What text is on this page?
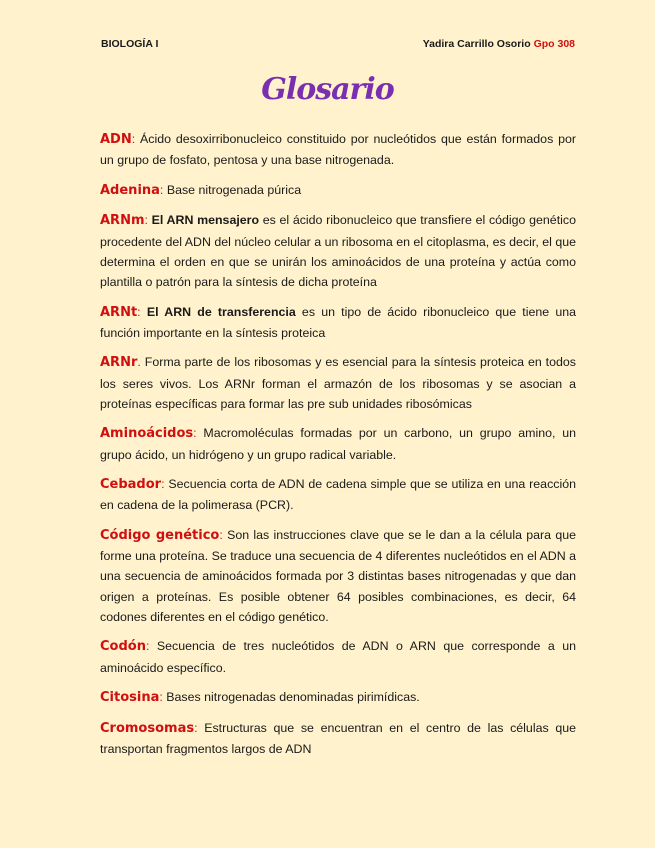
BIOLOGÍA I	Yadira Carrillo Osorio Gpo 308
Glosario

ADN: Ácido desoxirribonucleico constituido por nucleótidos que están formados por un grupo de fosfato, pentosa y una base nitrogenada.

Adenina: Base nitrogenada púrica

ARNm: El ARN mensajero es el ácido ribonucleico que transfiere el código genético procedente del ADN del núcleo celular a un ribosoma en el citoplasma, es decir, el que determina el orden en que se unirán los aminoácidos de una proteína y actúa como plantilla o patrón para la síntesis de dicha proteína

ARNt: El ARN de transferencia es un tipo de ácido ribonucleico que tiene una función importante en la síntesis proteica

ARNr. Forma parte de los ribosomas y es esencial para la síntesis proteica en todos los seres vivos. Los ARNr forman el armazón de los ribosomas y se asocian a proteínas específicas para formar las pre sub unidades ribosómicas

Aminoácidos: Macromoléculas formadas por un carbono, un grupo amino, un grupo ácido, un hidrógeno y un grupo radical variable.

Cebador: Secuencia corta de ADN de cadena simple que se utiliza en una reacción en cadena de la polimerasa (PCR).

Código genético: Son las instrucciones clave que se le dan a la célula para que forme una proteína. Se traduce una secuencia de 4 diferentes nucleótidos en el ADN a una secuencia de aminoácidos formada por 3 distintas bases nitrogenadas y que dan origen a proteínas. Es posible obtener 64 posibles combinaciones, es decir, 64 codones diferentes en el código genético.

Codón: Secuencia de tres nucleótidos de ADN o ARN que corresponde a un aminoácido específico.

Citosina: Bases nitrogenadas denominadas pirimídicas.

Cromosomas: Estructuras que se encuentran en el centro de las células que transportan fragmentos largos de ADN
